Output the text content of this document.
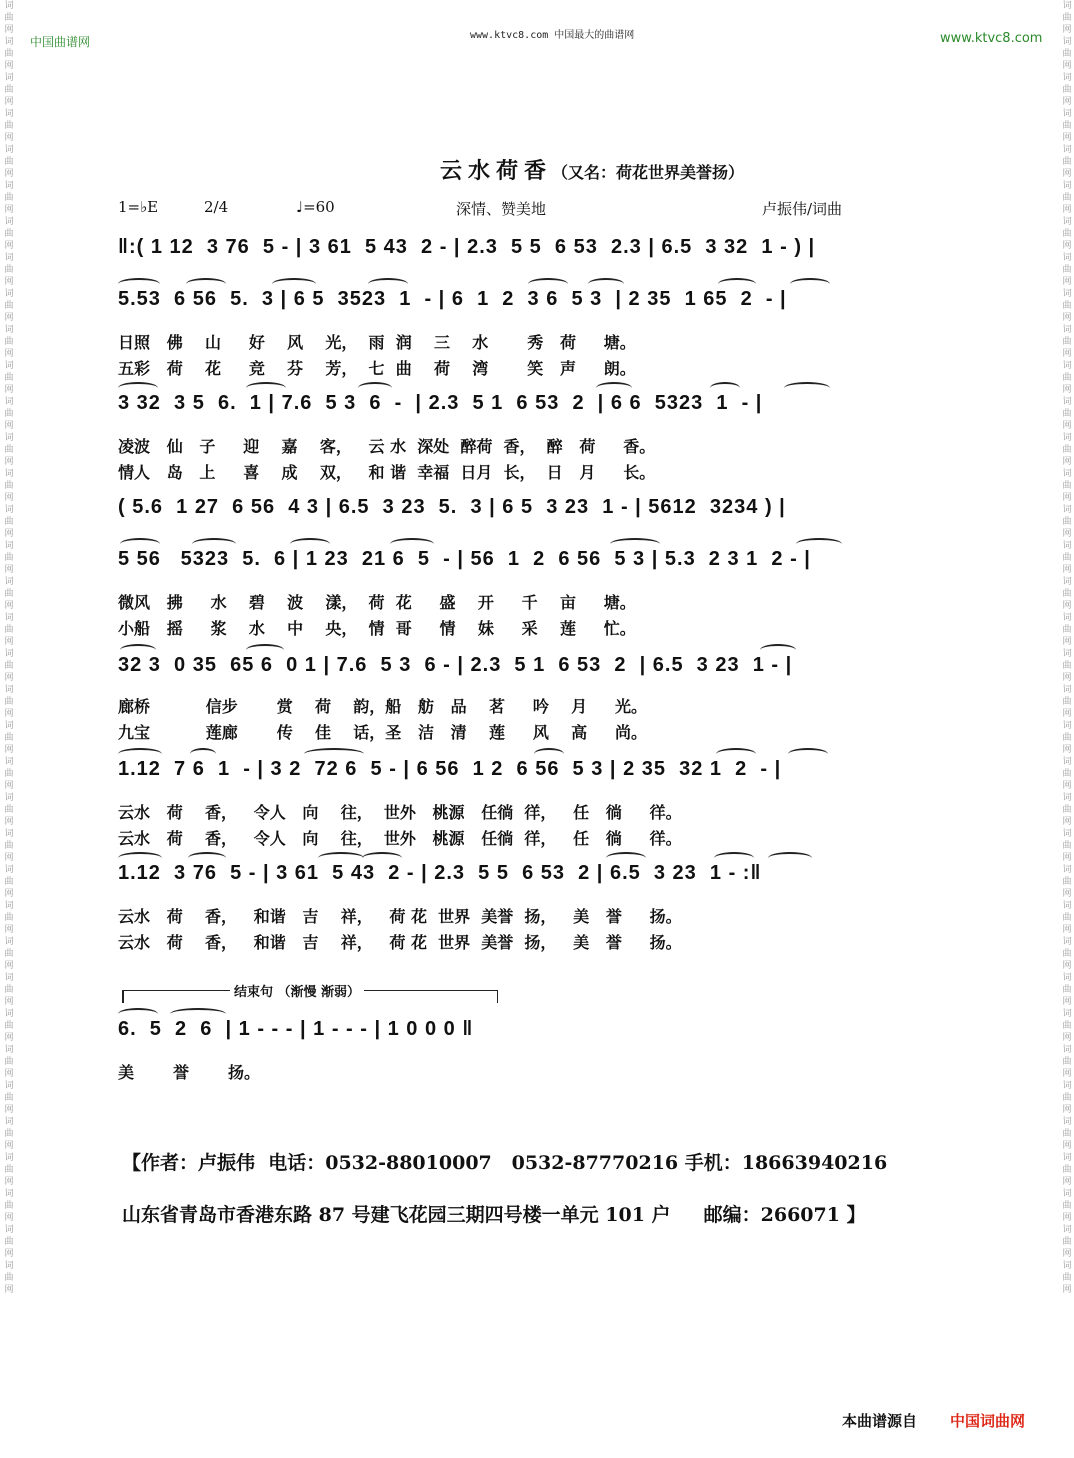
中国曲谱网	www.ktvc8.com 中国最大的曲谱网	www.ktvc8.com
词曲网词曲网词曲网词曲网词曲网词曲网词曲网词曲网词曲网词曲网词曲网词曲网词曲网词曲网词曲网词曲网词曲网词曲网词曲网词曲网词曲网词曲网词曲网词曲网词曲网词曲网词曲网词曲网词曲网词曲网词曲网词曲网词曲网词曲网词曲网词曲网
词曲网词曲网词曲网词曲网词曲网词曲网词曲网词曲网词曲网词曲网词曲网词曲网词曲网词曲网词曲网词曲网词曲网词曲网词曲网词曲网词曲网词曲网词曲网词曲网词曲网词曲网词曲网词曲网词曲网词曲网词曲网词曲网词曲网词曲网词曲网词曲网
云水荷香（又名：荷花世界美誉扬）
1=♭E	2/4	♩=60	深情、赞美地	卢振伟/词曲
‖:( 1 12  3 76  5 - | 3 61  5 43  2 - | 2.3  5 5  6 53  2.3 | 6.5  3 32  1 - ) |
5.53  6 56  5.  3 | 6 5  3523  1  - | 6  1  2  3 6  5 3  | 2 35  1 65  2  - |
日照   佛    山     好    风    光，  雨  润    三    水       秀   荷     塘。
五彩   荷    花     竞    芬    芳，  七  曲    荷    湾       笑   声     朗。
3 32  3 5  6.  1 | 7.6  5 3  6  -  | 2.3  5 1  6 53  2  | 6 6  5323  1  - |
凌波   仙   子     迎    嘉    客，   云 水  深处  醉荷  香，  醉   荷     香。
情人   岛   上     喜    成    双，   和 谐  幸福  日月  长，  日   月     长。
( 5.6  1 27  6 56  4 3 | 6.5  3 23  5.  3 | 6 5  3 23  1 - | 5612  3234 ) |
5 56   5323  5.  6 | 1 23  21 6  5  - | 56  1  2  6 56  5 3 | 5.3  2 3 1  2 - |
微风   拂     水    碧    波    漾，  荷  花     盛    开     千    亩     塘。
小船   摇     浆    水    中    央，  情  哥     情    妹     采    莲     忙。
32 3  0 35  65 6  0 1 | 7.6  5 3  6 - | 2.3  5 1  6 53  2  | 6.5  3 23  1 - |
廊桥          信步       赏    荷    韵，船   舫   品    茗     吟    月     光。
九宝          莲廊       传    佳    话，圣   洁   清    莲     风    高     尚。
1.12  7 6  1  - | 3 2  72 6  5 - | 6 56  1 2  6 56  5 3 | 2 35  32 1  2  - |
云水   荷    香，   令人   向    往，  世外   桃源   任徜  徉，   任   徜     徉。
云水   荷    香，   令人   向    往，  世外   桃源   任徜  徉，   任   徜     徉。
1.12  3 76  5 - | 3 61  5 43  2 - | 2.3  5 5  6 53  2 | 6.5  3 23  1 - :‖
云水   荷    香，   和谐   吉    祥，   荷 花  世界  美誉  扬，   美   誉     扬。
云水   荷    香，   和谐   吉    祥，   荷 花  世界  美誉  扬，   美   誉     扬。
结束句 （渐慢 渐弱）
6.  5  2  6  | 1 - - - | 1 - - - | 1 0 0 0 ‖
美       誉       扬。
【作者：卢振伟  电话：0532-88010007   0532-87770216 手机：18663940216
山东省青岛市香港东路 87 号建飞花园三期四号楼一单元 101 户     邮编：266071 】
本曲谱源自 中国词曲网
